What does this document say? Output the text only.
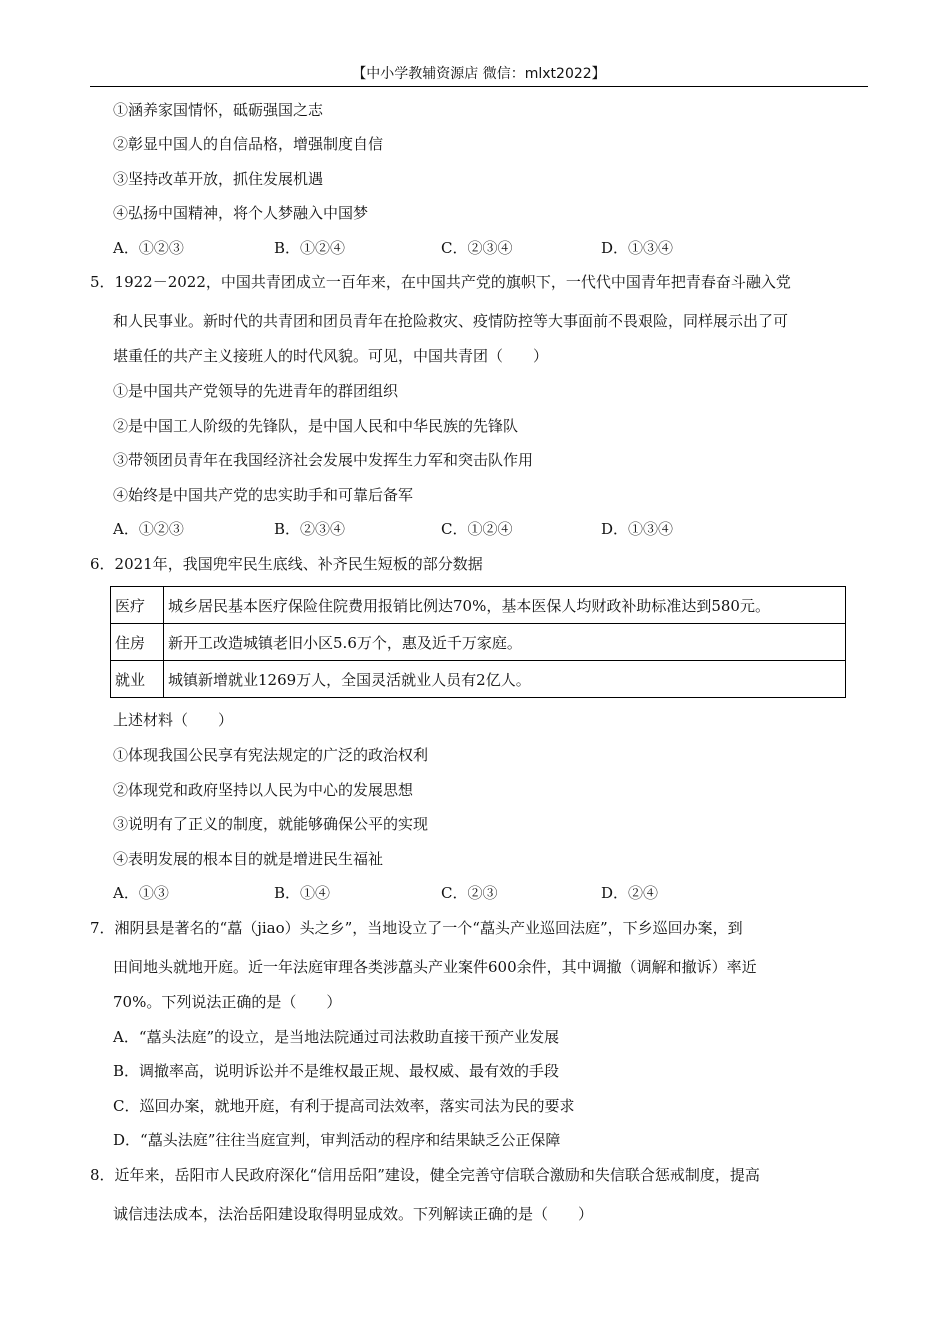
【中小学教辅资源店 微信：mlxt2022】
①涵养家国情怀，砥砺强国之志
②彰显中国人的自信品格，增强制度自信
③坚持改革开放，抓住发展机遇
④弘扬中国精神，将个人梦融入中国梦
A．①②③	B．①②④	C．②③④	D．①③④
5．1922－2022，中国共青团成立一百年来，在中国共产党的旗帜下，一代代中国青年把青春奋斗融入党
和人民事业。新时代的共青团和团员青年在抢险救灾、疫情防控等大事面前不畏艰险，同样展示出了可
堪重任的共产主义接班人的时代风貌。可见，中国共青团（　　）
①是中国共产党领导的先进青年的群团组织
②是中国工人阶级的先锋队，是中国人民和中华民族的先锋队
③带领团员青年在我国经济社会发展中发挥生力军和突击队作用
④始终是中国共产党的忠实助手和可靠后备军
A．①②③	B．②③④	C．①②④	D．①③④
6．2021年，我国兜牢民生底线、补齐民生短板的部分数据
医疗	城乡居民基本医疗保险住院费用报销比例达70%，基本医保人均财政补助标准达到580元。
住房	新开工改造城镇老旧小区5.6万个，惠及近千万家庭。
就业	城镇新增就业1269万人，全国灵活就业人员有2亿人。
上述材料（　　）
①体现我国公民享有宪法规定的广泛的政治权利
②体现党和政府坚持以人民为中心的发展思想
③说明有了正义的制度，就能够确保公平的实现
④表明发展的根本目的就是增进民生福祉
A．①③	B．①④	C．②③	D．②④
7．湘阴县是著名的“藠（jiao）头之乡”，当地设立了一个“藠头产业巡回法庭”，下乡巡回办案，到
田间地头就地开庭。近一年法庭审理各类涉藠头产业案件600余件，其中调撤（调解和撤诉）率近
70%。下列说法正确的是（　　）
A．“藠头法庭”的设立，是当地法院通过司法救助直接干预产业发展
B．调撤率高，说明诉讼并不是维权最正规、最权威、最有效的手段
C．巡回办案，就地开庭，有利于提高司法效率，落实司法为民的要求
D．“藠头法庭”往往当庭宣判，审判活动的程序和结果缺乏公正保障
8．近年来，岳阳市人民政府深化“信用岳阳”建设，健全完善守信联合激励和失信联合惩戒制度，提高
诚信违法成本，法治岳阳建设取得明显成效。下列解读正确的是（　　）
